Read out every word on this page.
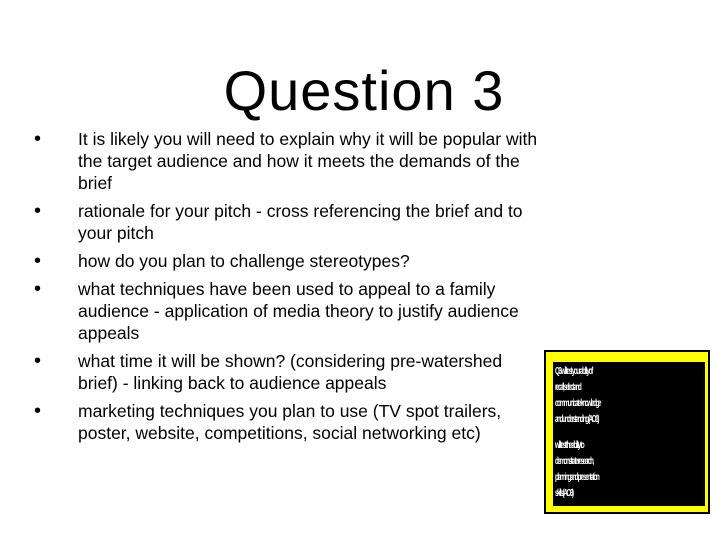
Question 3
• It is likely you will need to explain why it will be popular with the target audience and how it meets the demands of the brief
• rationale for your pitch - cross referencing the brief and to your pitch
• how do you plan to challenge stereotypes?
• what techniques have been used to appeal to a family audience - application of media theory to justify audience appeals
• what time it will be shown? (considering pre-watershed brief) - linking back to audience appeals
• marketing techniques you plan to use (TV spot trailers, poster, website, competitions, social networking etc)
Q3 will test your ability of
recall, select and
communicate knowledge
and understanding (AO1)
will test the ability to
demonstrate research,
planning and presentation
skills (AO3)
